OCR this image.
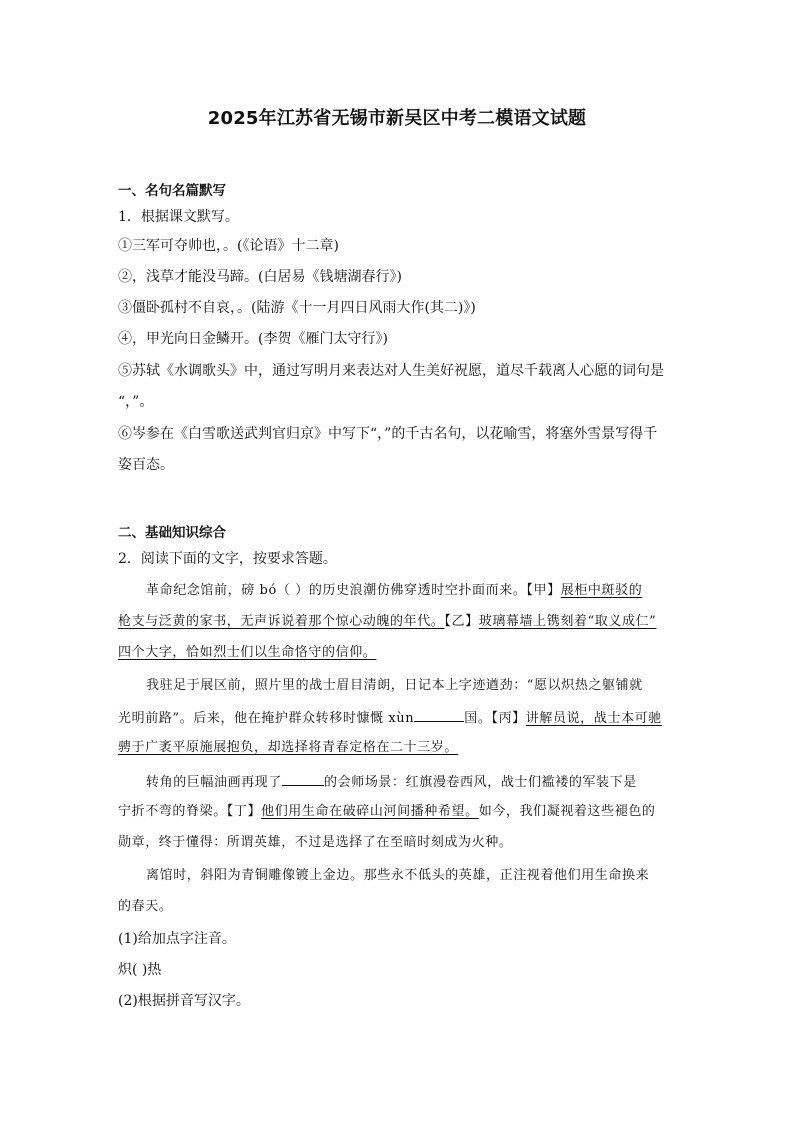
2025年江苏省无锡市新吴区中考二模语文试题
一、名句名篇默写
1．根据课文默写。
①三军可夺帅也，。(《论语》十二章)
②，浅草才能没马蹄。(白居易《钱塘湖春行》)
③僵卧孤村不自哀，。(陆游《十一月四日风雨大作(其二)》)
④，甲光向日金鳞开。(李贺《雁门太守行》)
⑤苏轼《水调歌头》中，通过写明月来表达对人生美好祝愿，道尽千载离人心愿的词句是
“，”。
⑥岑参在《白雪歌送武判官归京》中写下“，”的千古名句，以花喻雪，将塞外雪景写得千
姿百态。
二、基础知识综合
2．阅读下面的文字，按要求答题。
革命纪念馆前，磅 bó（ ）的历史浪潮仿佛穿透时空扑面而来。【甲】展柜中斑驳的
枪支与泛黄的家书，无声诉说着那个惊心动魄的年代。【乙】玻璃幕墙上镌刻着“取义成仁”
四个大字，恰如烈士们以生命恪守的信仰。
我驻足于展区前，照片里的战士眉目清朗，日记本上字迹遒劲：“愿以炽热之躯铺就
光明前路”。后来，他在掩护群众转移时慷慨 xùn	国。【丙】讲解员说，战士本可驰
骋于广袤平原施展抱负，却选择将青春定格在二十三岁。
转角的巨幅油画再现了	的会师场景：红旗漫卷西风，战士们褴褛的军装下是
宁折不弯的脊梁。【丁】他们用生命在破碎山河间播种希望。如今，我们凝视着这些褪色的
勋章，终于懂得：所谓英雄，不过是选择了在至暗时刻成为火种。
离馆时，斜阳为青铜雕像镀上金边。那些永不低头的英雄，正注视着他们用生命换来
的春天。
(1)给加点字注音。
炽( )热
(2)根据拼音写汉字。
